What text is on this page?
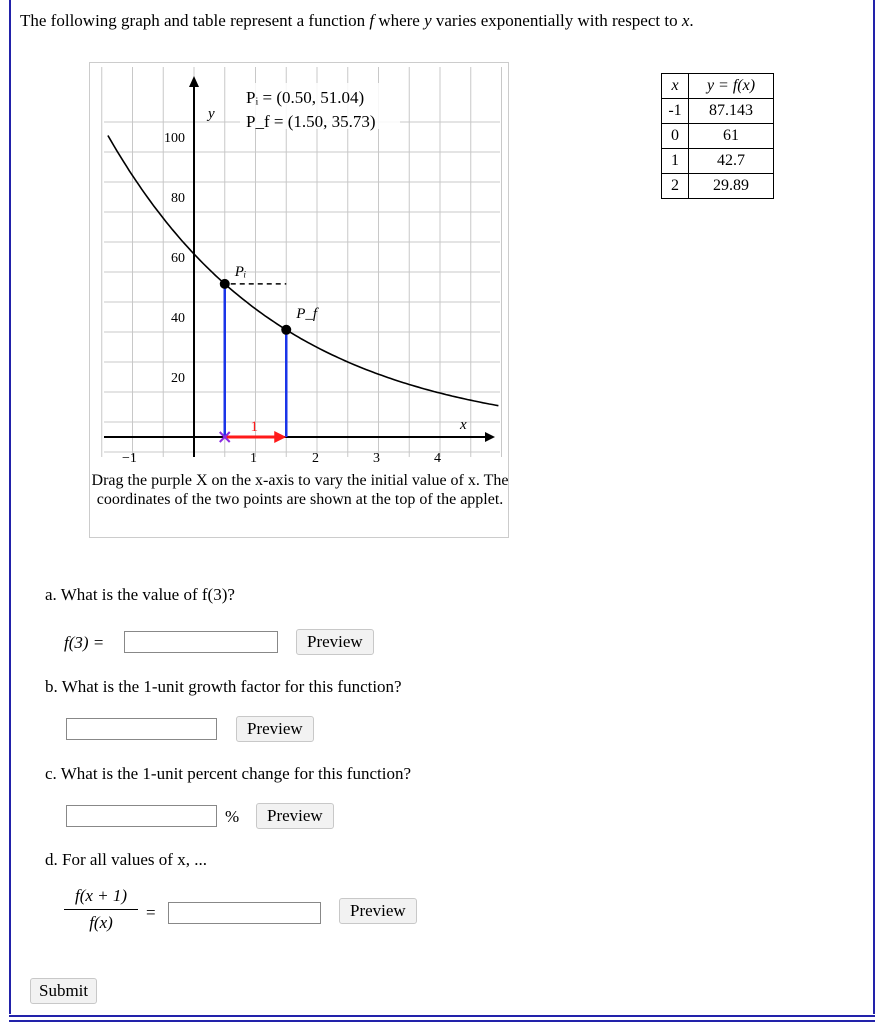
The following graph and table represent a function f where y varies exponentially with respect to x.
y
x
100
80
60
40
20
−1	1	2	3	4
1
Pᵢ
P_f
Pᵢ = (0.50, 51.04)
P_f = (1.50, 35.73)
Drag the purple X on the x-axis to vary the initial value of x. The coordinates of the two points are shown at the top of the applet.
x	y = f(x)
-1	87.143
0	61
1	42.7
2	29.89
a. What is the value of f(3)?
f(3) =	Preview
b. What is the 1-unit growth factor for this function?
Preview
c. What is the 1-unit percent change for this function?
%	Preview
d. For all values of x, ...
$\frac{f(x + 1)}{f(x)}$ =	Preview
Submit
